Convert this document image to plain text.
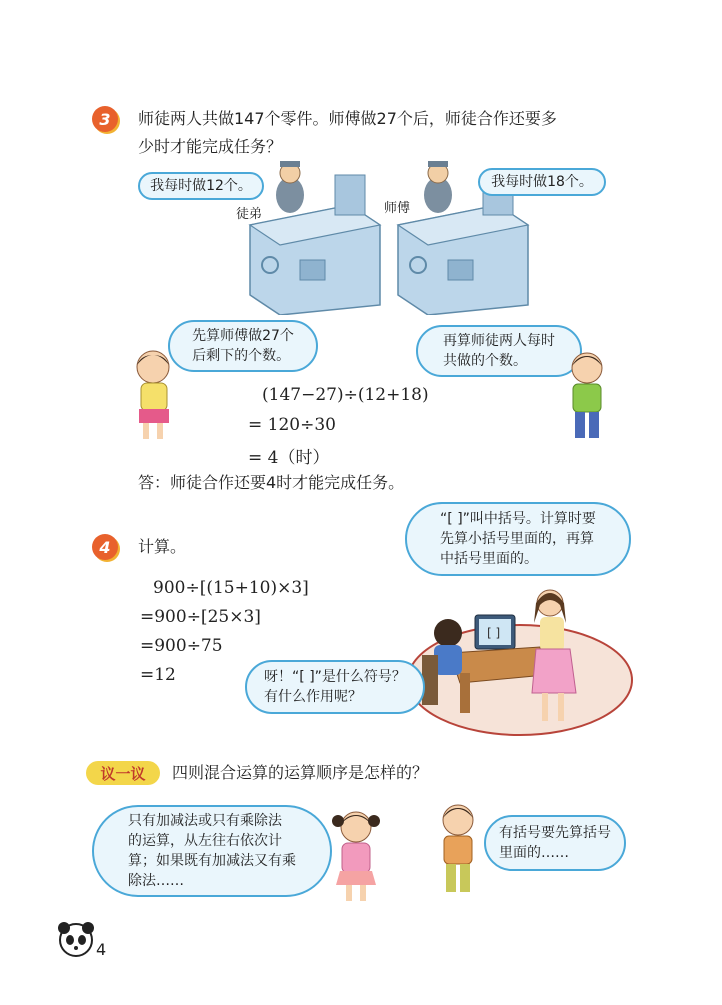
3	师徒两人共做147个零件。师傅做27个后，师徒合作还要多
少时才能完成任务？
我每时做12个。	我每时做18个。
徒弟	师傅
先算师傅做27个
后剩下的个数。
再算师徒两人每时
共做的个数。
(147−27)÷(12+18)
= 120÷30
= 4（时）
答：师徒合作还要4时才能完成任务。
4	计算。
“[ ]”叫中括号。计算时要
先算小括号里面的，再算
中括号里面的。
900÷[(15+10)×3]
=900÷[25×3]
=900÷75
=12
[ ]
呀！“[ ]”是什么符号？
有什么作用呢？
议一议 四则混合运算的运算顺序是怎样的？
只有加减法或只有乘除法
的运算，从左往右依次计
算；如果既有加减法又有乘
除法……
有括号要先算括号
里面的……
4
